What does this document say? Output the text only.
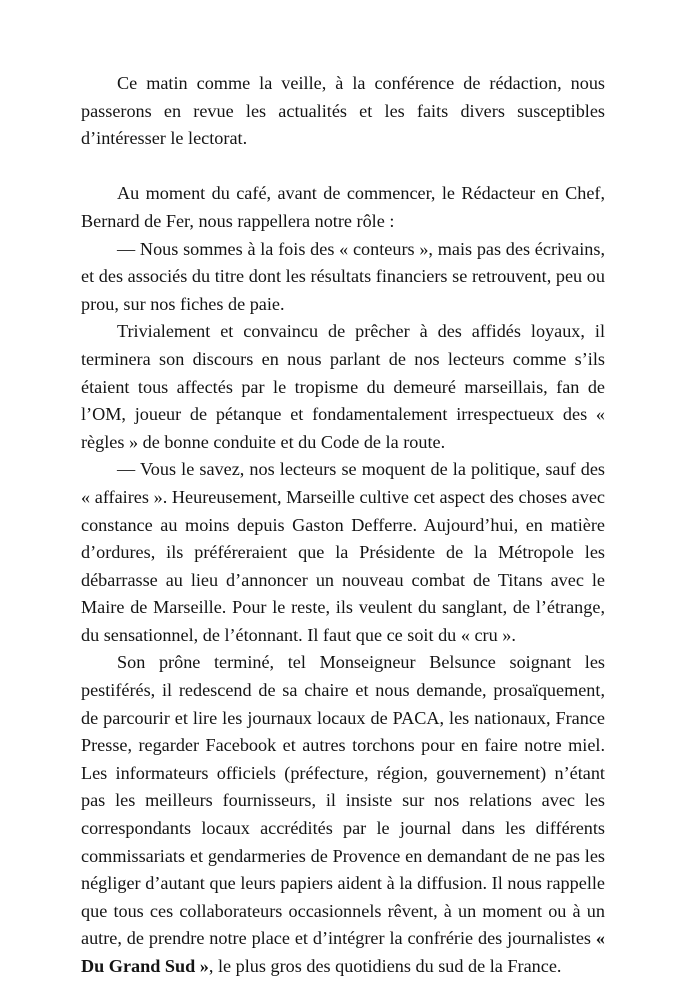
Ce matin comme la veille, à la conférence de rédaction, nous passerons en revue les actualités et les faits divers susceptibles d’intéresser le lectorat.

Au moment du café, avant de commencer, le Rédacteur en Chef, Bernard de Fer, nous rappellera notre rôle :

— Nous sommes à la fois des « conteurs », mais pas des écrivains, et des associés du titre dont les résultats financiers se retrouvent, peu ou prou, sur nos fiches de paie.

Trivialement et convaincu de prêcher à des affidés loyaux, il terminera son discours en nous parlant de nos lecteurs comme s’ils étaient tous affectés par le tropisme du demeuré marseillais, fan de l’OM, joueur de pétanque et fondamentalement irrespectueux des « règles » de bonne conduite et du Code de la route.

— Vous le savez, nos lecteurs se moquent de la politique, sauf des « affaires ». Heureusement, Marseille cultive cet aspect des choses avec constance au moins depuis Gaston Defferre. Aujourd’hui, en matière d’ordures, ils préféreraient que la Présidente de la Métropole les débarrasse au lieu d’annoncer un nouveau combat de Titans avec le Maire de Marseille. Pour le reste, ils veulent du sanglant, de l’étrange, du sensationnel, de l’étonnant. Il faut que ce soit du « cru ».

Son prône terminé, tel Monseigneur Belsunce soignant les pestiférés, il redescend de sa chaire et nous demande, prosaïquement, de parcourir et lire les journaux locaux de PACA, les nationaux, France Presse, regarder Facebook et autres torchons pour en faire notre miel. Les informateurs officiels (préfecture, région, gouvernement) n’étant pas les meilleurs fournisseurs, il insiste sur nos relations avec les correspondants locaux accrédités par le journal dans les différents commissariats et gendarmeries de Provence en demandant de ne pas les négliger d’autant que leurs papiers aident à la diffusion. Il nous rappelle que tous ces collaborateurs occasionnels rêvent, à un moment ou à un autre, de prendre notre place et d’intégrer la confrérie des journalistes « Du Grand Sud », le plus gros des quotidiens du sud de la France.
